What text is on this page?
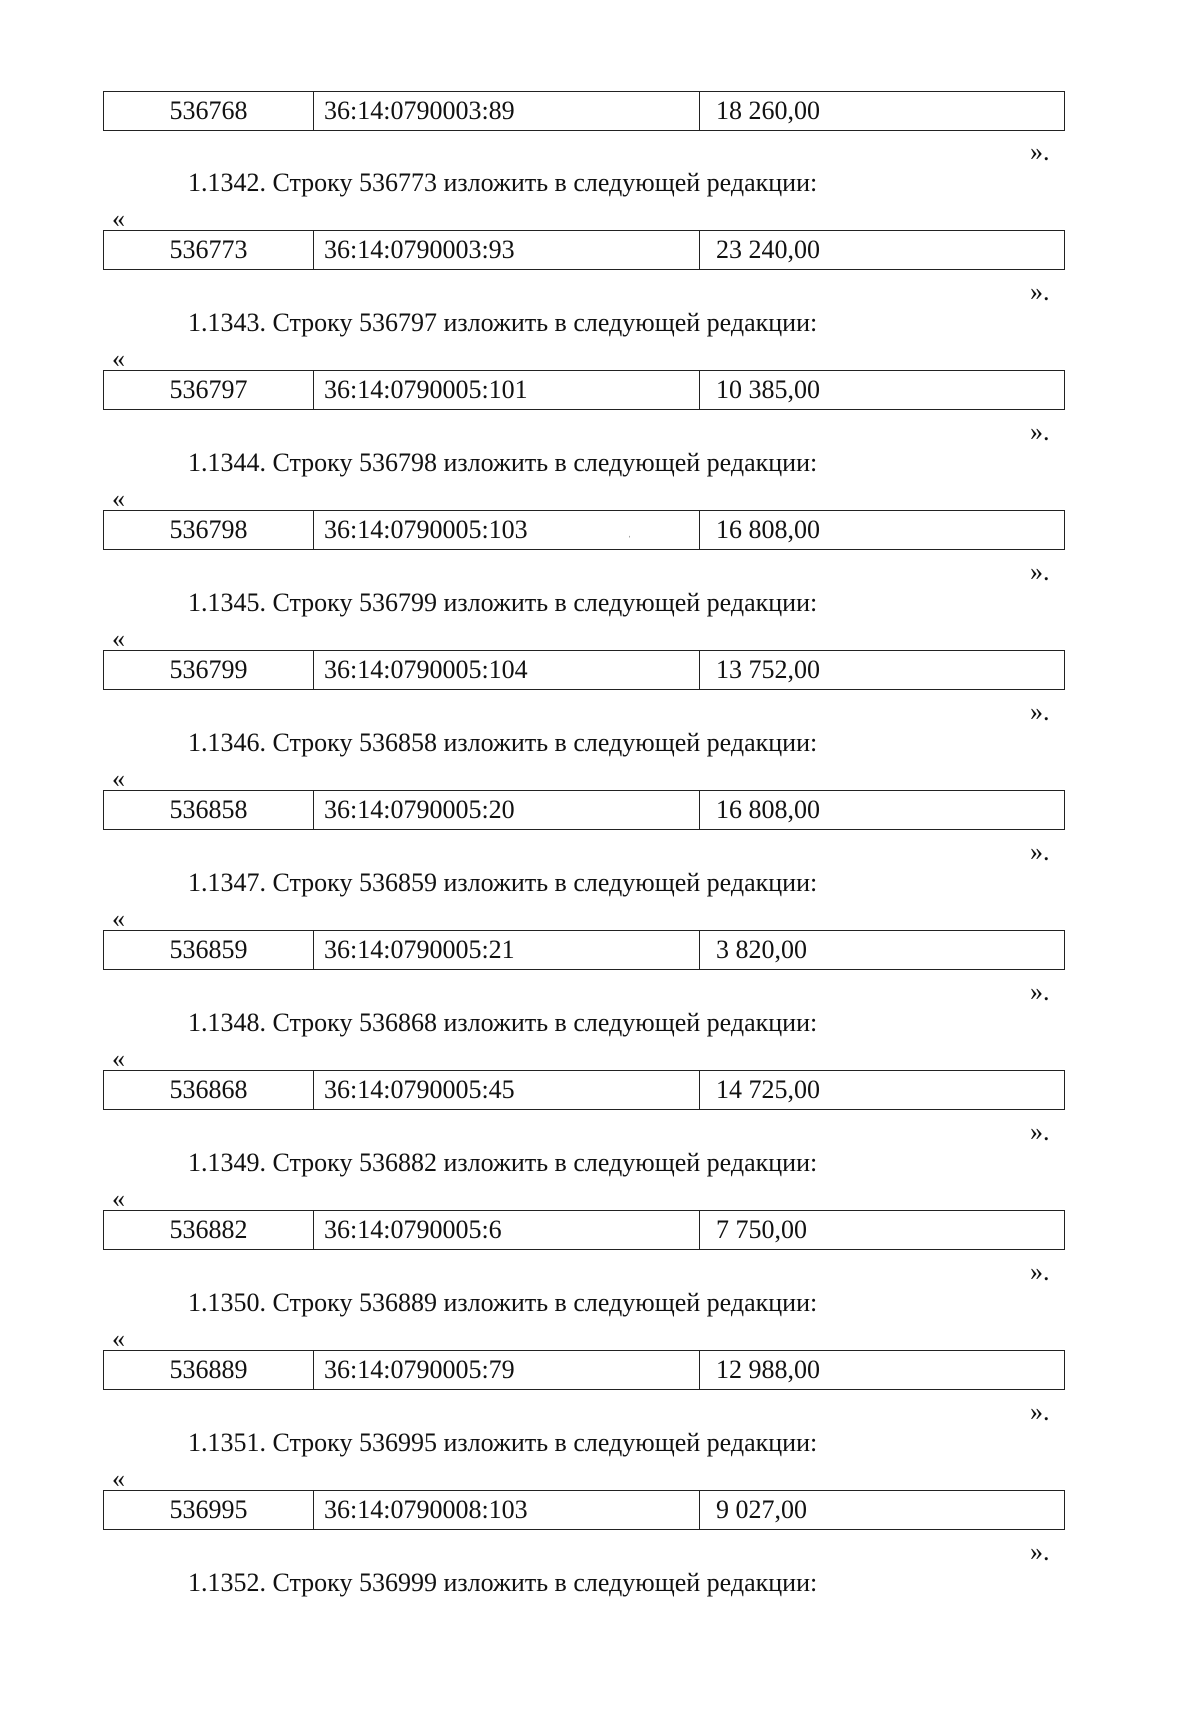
536768	36:14:0790003:89	18 260,00
».
1.1342. Строку 536773 изложить в следующей редакции:
«
536773	36:14:0790003:93	23 240,00
».
1.1343. Строку 536797 изложить в следующей редакции:
«
536797	36:14:0790005:101	10 385,00
».
1.1344. Строку 536798 изложить в следующей редакции:
«
536798	36:14:0790005:103	16 808,00
ˌ
».
1.1345. Строку 536799 изложить в следующей редакции:
«
536799	36:14:0790005:104	13 752,00
».
1.1346. Строку 536858 изложить в следующей редакции:
«
536858	36:14:0790005:20	16 808,00
».
1.1347. Строку 536859 изложить в следующей редакции:
«
536859	36:14:0790005:21	3 820,00
».
1.1348. Строку 536868 изложить в следующей редакции:
«
536868	36:14:0790005:45	14 725,00
».
1.1349. Строку 536882 изложить в следующей редакции:
«
536882	36:14:0790005:6	7 750,00
».
1.1350. Строку 536889 изложить в следующей редакции:
«
536889	36:14:0790005:79	12 988,00
».
1.1351. Строку 536995 изложить в следующей редакции:
«
536995	36:14:0790008:103	9 027,00
».
1.1352. Строку 536999 изложить в следующей редакции:
